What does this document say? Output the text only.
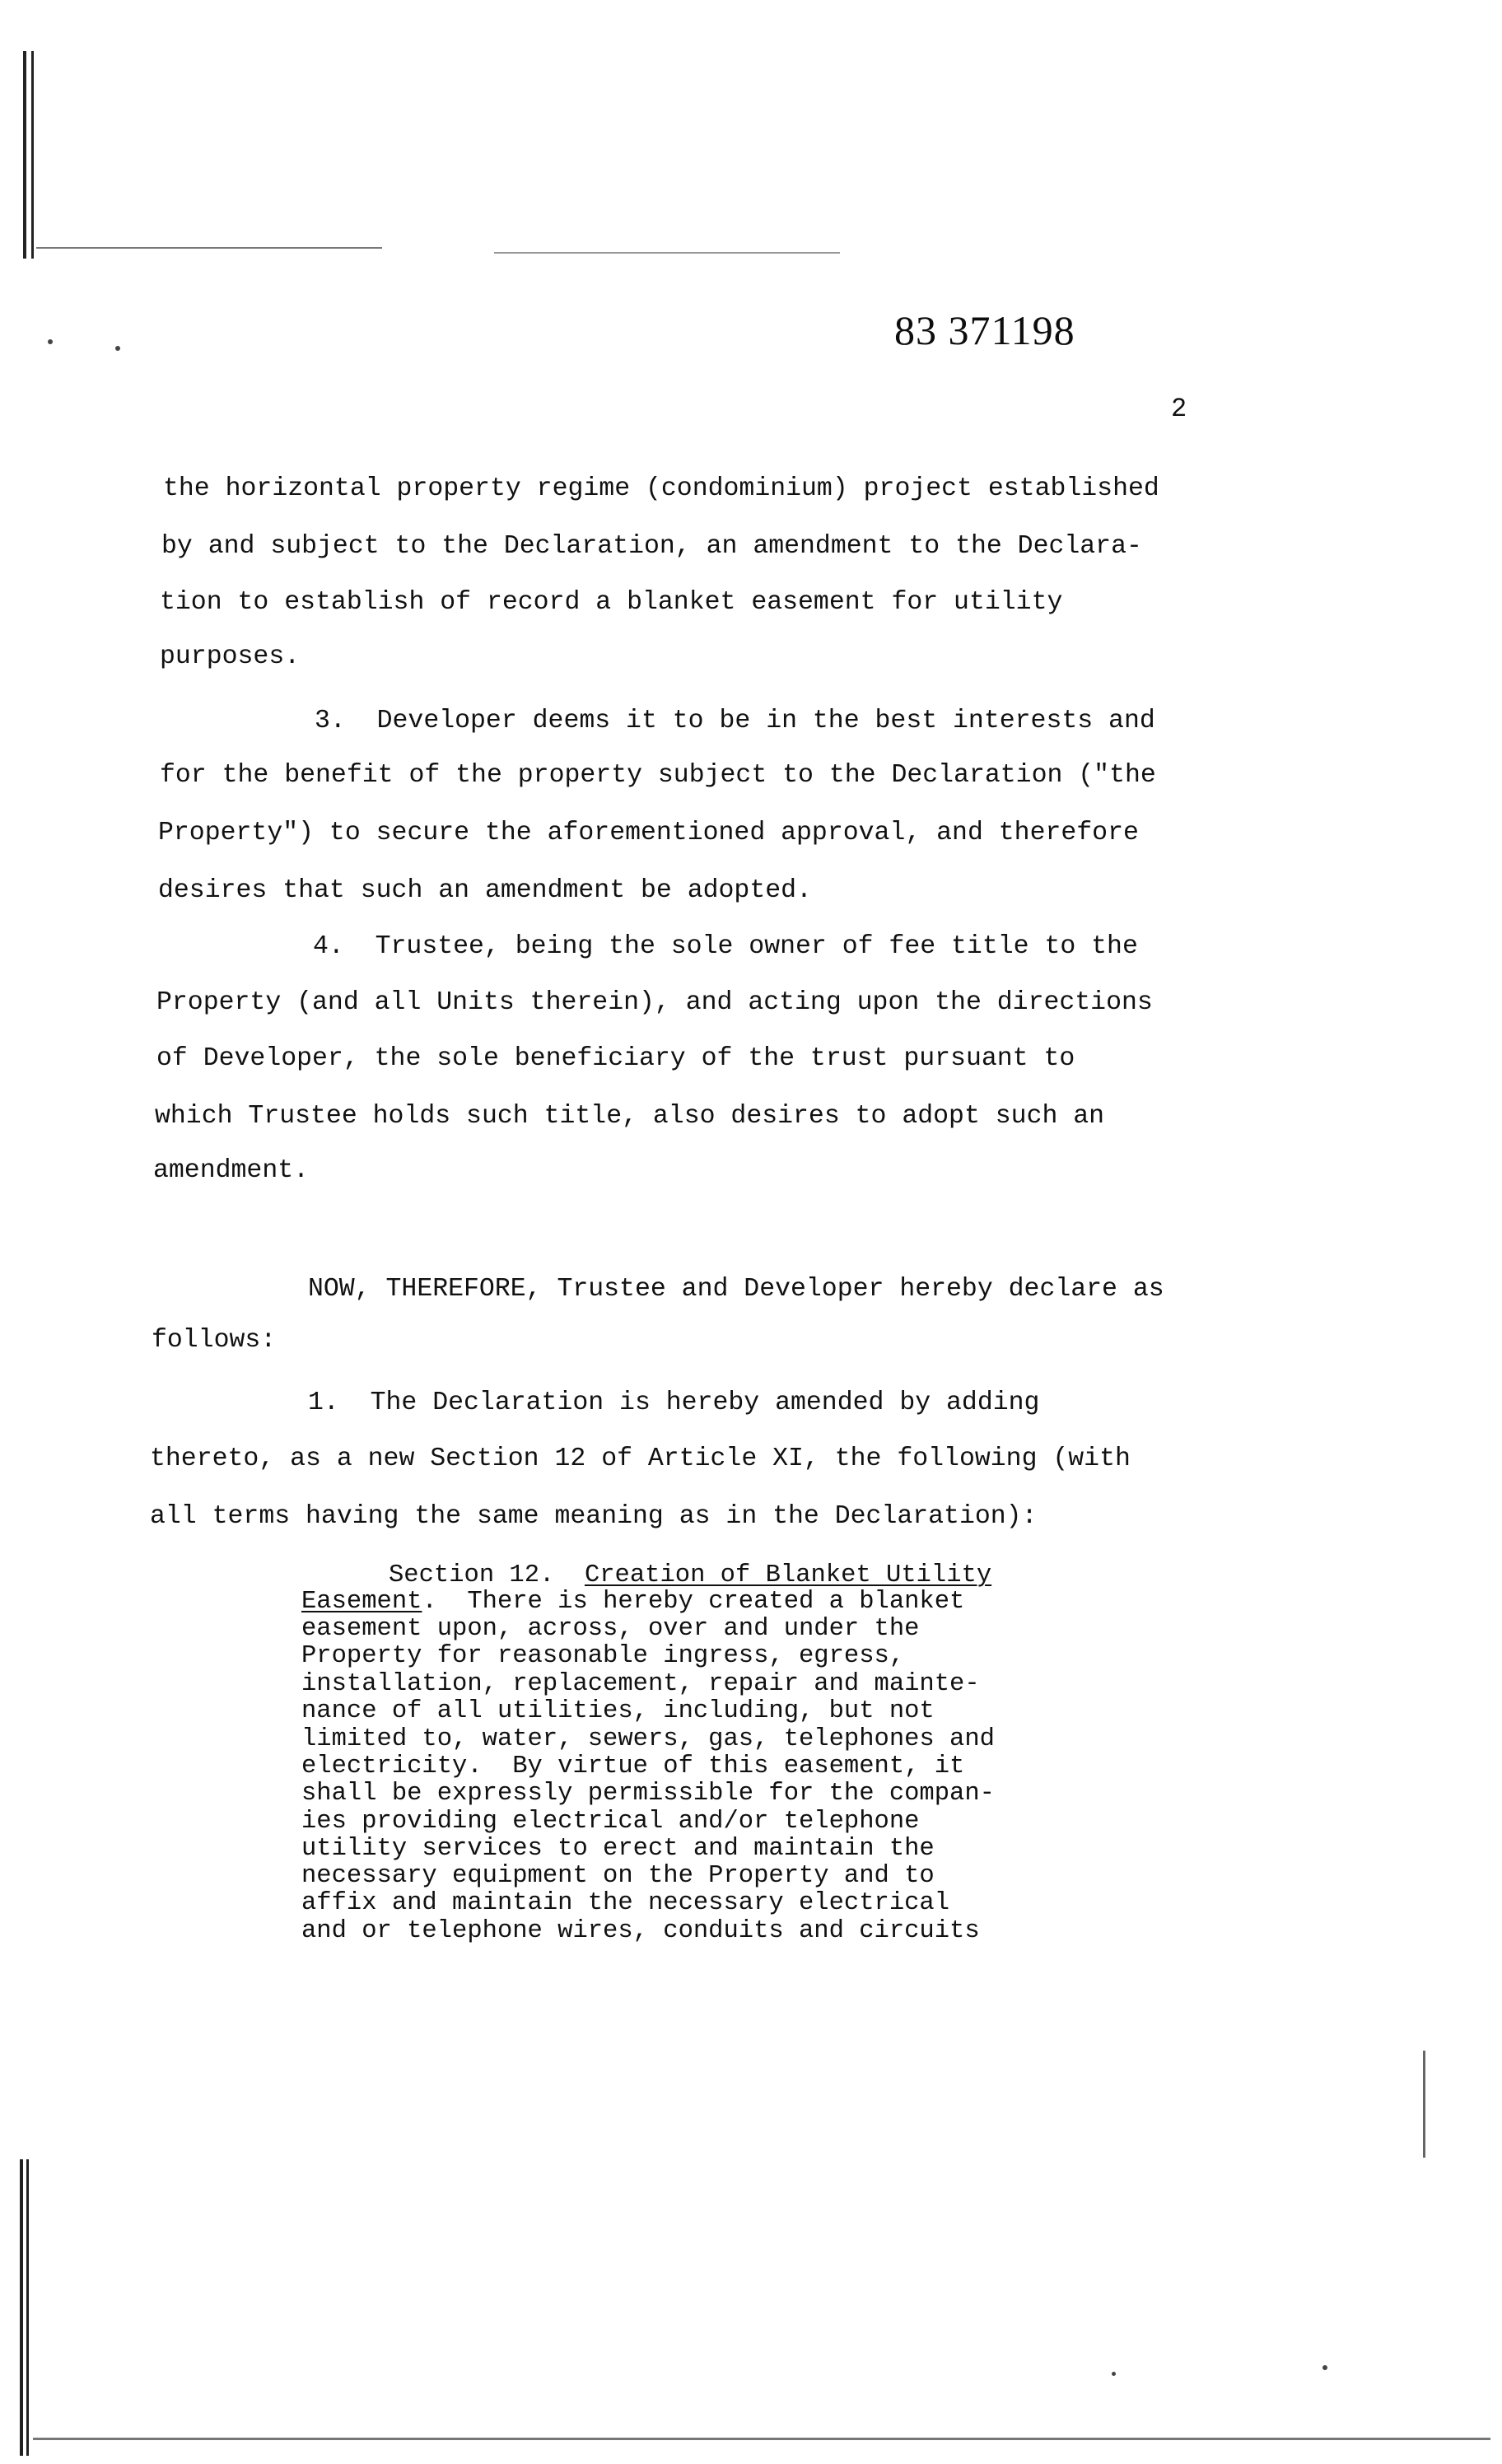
83 371198
2
the horizontal property regime (condominium) project established
by and subject to the Declaration, an amendment to the Declara-
tion to establish of record a blanket easement for utility
purposes.
3.  Developer deems it to be in the best interests and
for the benefit of the property subject to the Declaration ("the
Property") to secure the aforementioned approval, and therefore
desires that such an amendment be adopted.
4.  Trustee, being the sole owner of fee title to the
Property (and all Units therein), and acting upon the directions
of Developer, the sole beneficiary of the trust pursuant to
which Trustee holds such title, also desires to adopt such an
amendment.
NOW, THEREFORE, Trustee and Developer hereby declare as
follows:
1.  The Declaration is hereby amended by adding
thereto, as a new Section 12 of Article XI, the following (with
all terms having the same meaning as in the Declaration):
Section 12.  Creation of Blanket Utility
Easement.  There is hereby created a blanket
easement upon, across, over and under the
Property for reasonable ingress, egress,
installation, replacement, repair and mainte-
nance of all utilities, including, but not
limited to, water, sewers, gas, telephones and
electricity.  By virtue of this easement, it
shall be expressly permissible for the compan-
ies providing electrical and/or telephone
utility services to erect and maintain the
necessary equipment on the Property and to
affix and maintain the necessary electrical
and or telephone wires, conduits and circuits
